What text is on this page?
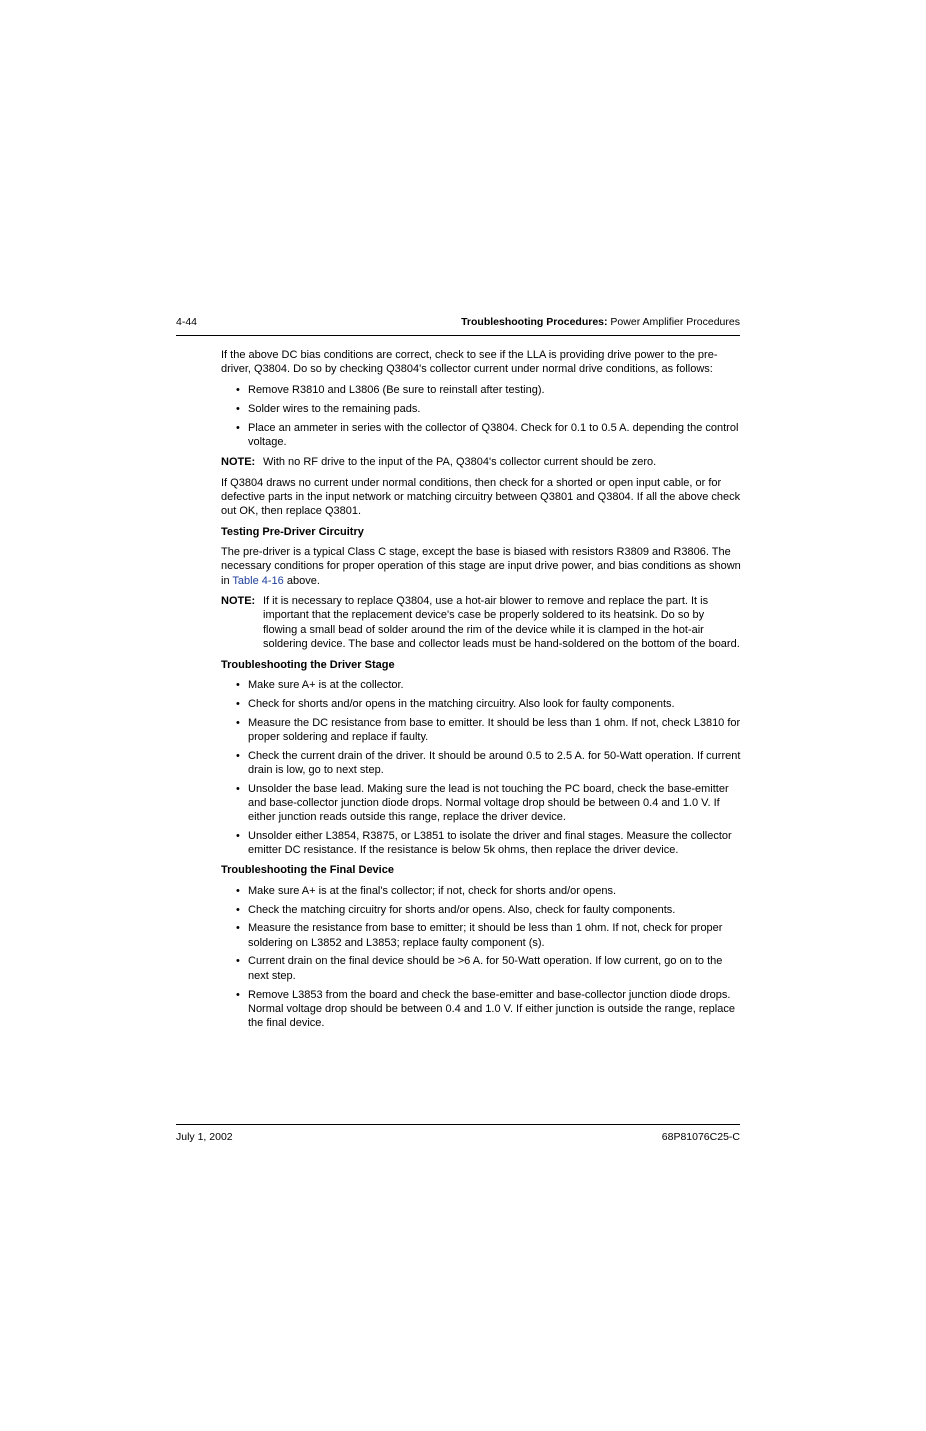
4-44	Troubleshooting Procedures: Power Amplifier Procedures

If the above DC bias conditions are correct, check to see if the LLA is providing drive power to the pre-driver, Q3804. Do so by checking Q3804's collector current under normal drive conditions, as follows:

• Remove R3810 and L3806 (Be sure to reinstall after testing).
• Solder wires to the remaining pads.
• Place an ammeter in series with the collector of Q3804. Check for 0.1 to 0.5 A. depending the control voltage.
NOTE: With no RF drive to the input of the PA, Q3804's collector current should be zero.

If Q3804 draws no current under normal conditions, then check for a shorted or open input cable, or for defective parts in the input network or matching circuitry between Q3801 and Q3804. If all the above check out OK, then replace Q3801.

Testing Pre-Driver Circuitry

The pre-driver is a typical Class C stage, except the base is biased with resistors R3809 and R3806. The necessary conditions for proper operation of this stage are input drive power, and bias conditions as shown in Table 4-16 above.

NOTE: If it is necessary to replace Q3804, use a hot-air blower to remove and replace the part. It is important that the replacement device's case be properly soldered to its heatsink. Do so by flowing a small bead of solder around the rim of the device while it is clamped in the hot-air soldering device. The base and collector leads must be hand-soldered on the bottom of the board.
Troubleshooting the Driver Stage
• Make sure A+ is at the collector.
• Check for shorts and/or opens in the matching circuitry. Also look for faulty components.
• Measure the DC resistance from base to emitter. It should be less than 1 ohm. If not, check L3810 for proper soldering and replace if faulty.
• Check the current drain of the driver. It should be around 0.5 to 2.5 A. for 50-Watt operation. If current drain is low, go to next step.
• Unsolder the base lead. Making sure the lead is not touching the PC board, check the base-emitter and base-collector junction diode drops. Normal voltage drop should be between 0.4 and 1.0 V. If either junction reads outside this range, replace the driver device.
• Unsolder either L3854, R3875, or L3851 to isolate the driver and final stages. Measure the collector emitter DC resistance. If the resistance is below 5k ohms, then replace the driver device.
Troubleshooting the Final Device
• Make sure A+ is at the final's collector; if not, check for shorts and/or opens.
• Check the matching circuitry for shorts and/or opens. Also, check for faulty components.
• Measure the resistance from base to emitter; it should be less than 1 ohm. If not, check for proper soldering on L3852 and L3853; replace faulty component (s).
• Current drain on the final device should be >6 A. for 50-Watt operation. If low current, go on to the next step.
• Remove L3853 from the board and check the base-emitter and base-collector junction diode drops. Normal voltage drop should be between 0.4 and 1.0 V. If either junction is outside the range, replace the final device.
July 1, 2002	68P81076C25-C
